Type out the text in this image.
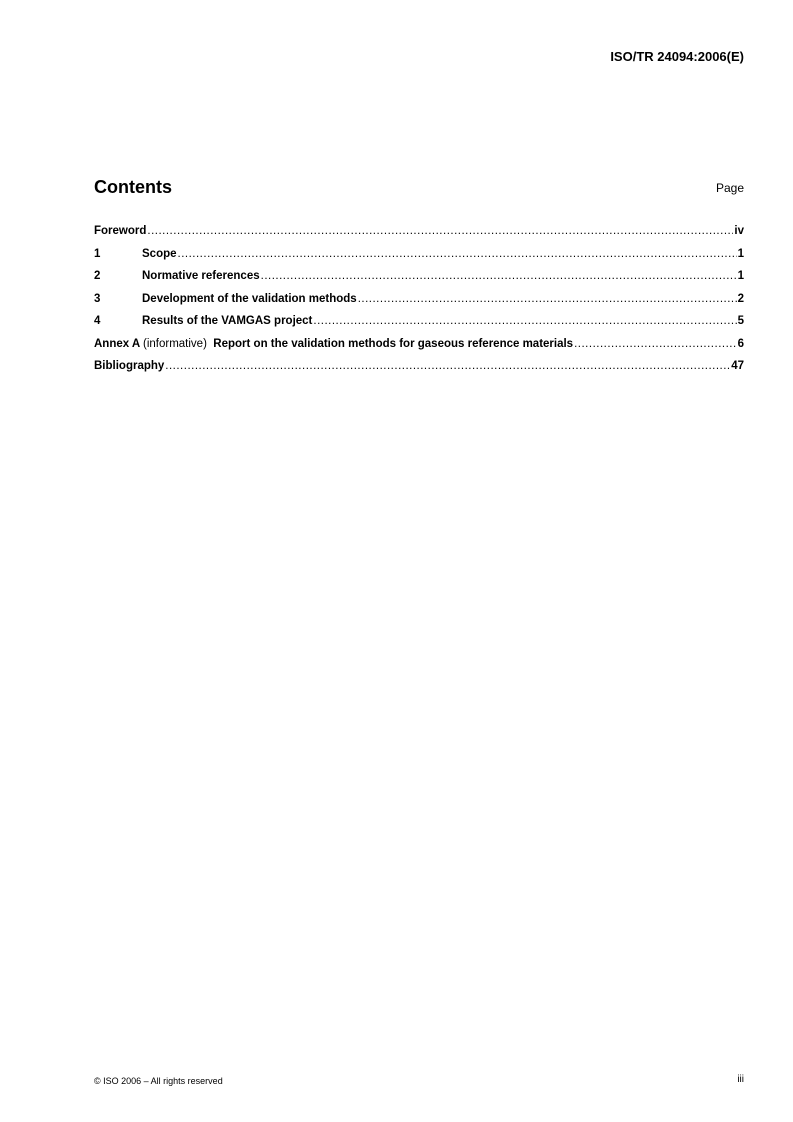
ISO/TR 24094:2006(E)
Contents	Page
Foreword .....	iv
1	Scope .....	1
2	Normative references .....	1
3	Development of the validation methods .....	2
4	Results of the VAMGAS project .....	5
Annex A (informative) Report on the validation methods for gaseous reference materials .....	6
Bibliography .....	47
© ISO 2006 – All rights reserved	iii
